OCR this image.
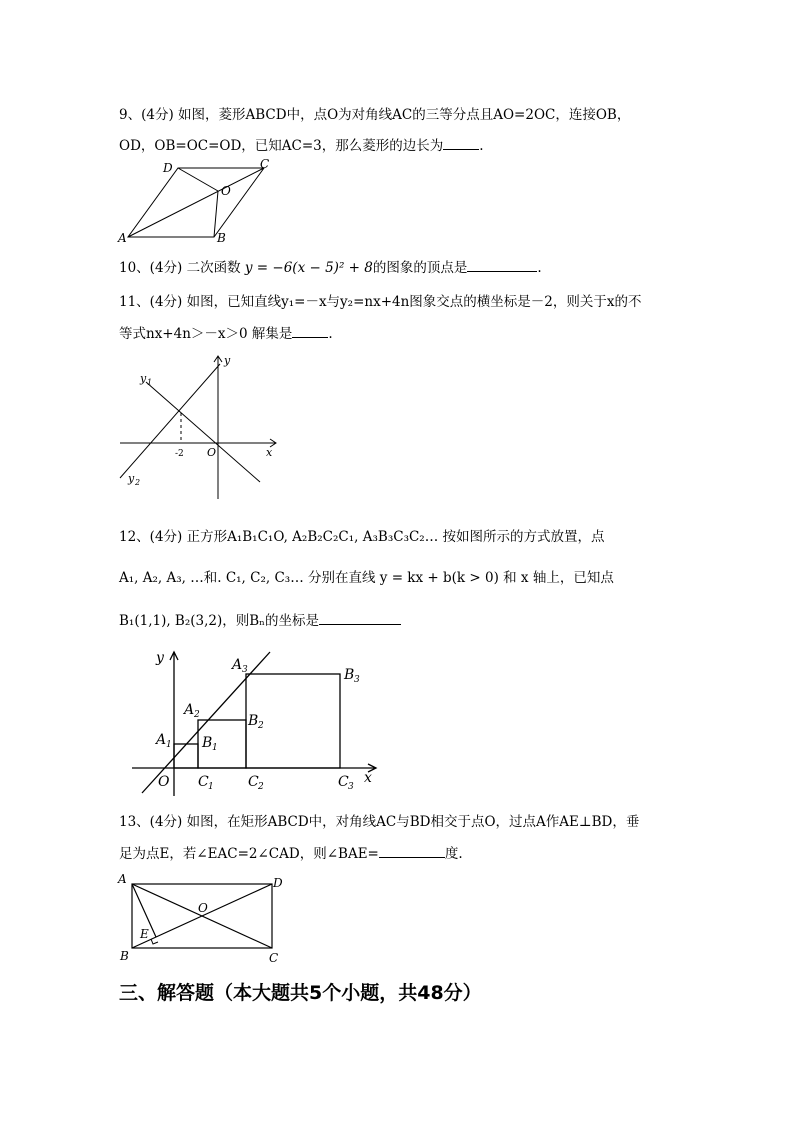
9、(4分) 如图，菱形ABCD中，点O为对角线AC的三等分点且AO=2OC，连接OB，
OD，OB=OC=OD，已知AC=3，那么菱形的边长为	.
A	B
C
D
O
10、(4分) 二次函数 y = −6(x − 5)² + 8的图象的顶点是	.
11、(4分) 如图，已知直线y₁=－x与y₂=nx+4n图象交点的横坐标是－2，则关于x的不
等式nx+4n＞－x＞0 解集是	.
y 1
y 2
y
x
O
-2
12、(4分) 正方形A₁B₁C₁O, A₂B₂C₂C₁, A₃B₃C₃C₂… 按如图所示的方式放置，点
A₁, A₂, A₃, …和. C₁, C₂, C₃… 分别在直线 y = kx + b(k > 0) 和 x 轴上，已知点
B₁(1,1), B₂(3,2)，则Bₙ的坐标是
y
x
O
A 1
A 2
A 3
B 1
B 2
B 3
C 1 C 2	C 3
13、(4分) 如图，在矩形ABCD中，对角线AC与BD相交于点O，过点A作AE⊥BD，垂
足为点E，若∠EAC=2∠CAD，则∠BAE=	度.
A
B	C
D
E
O
三、解答题（本大题共5个小题，共48分）
